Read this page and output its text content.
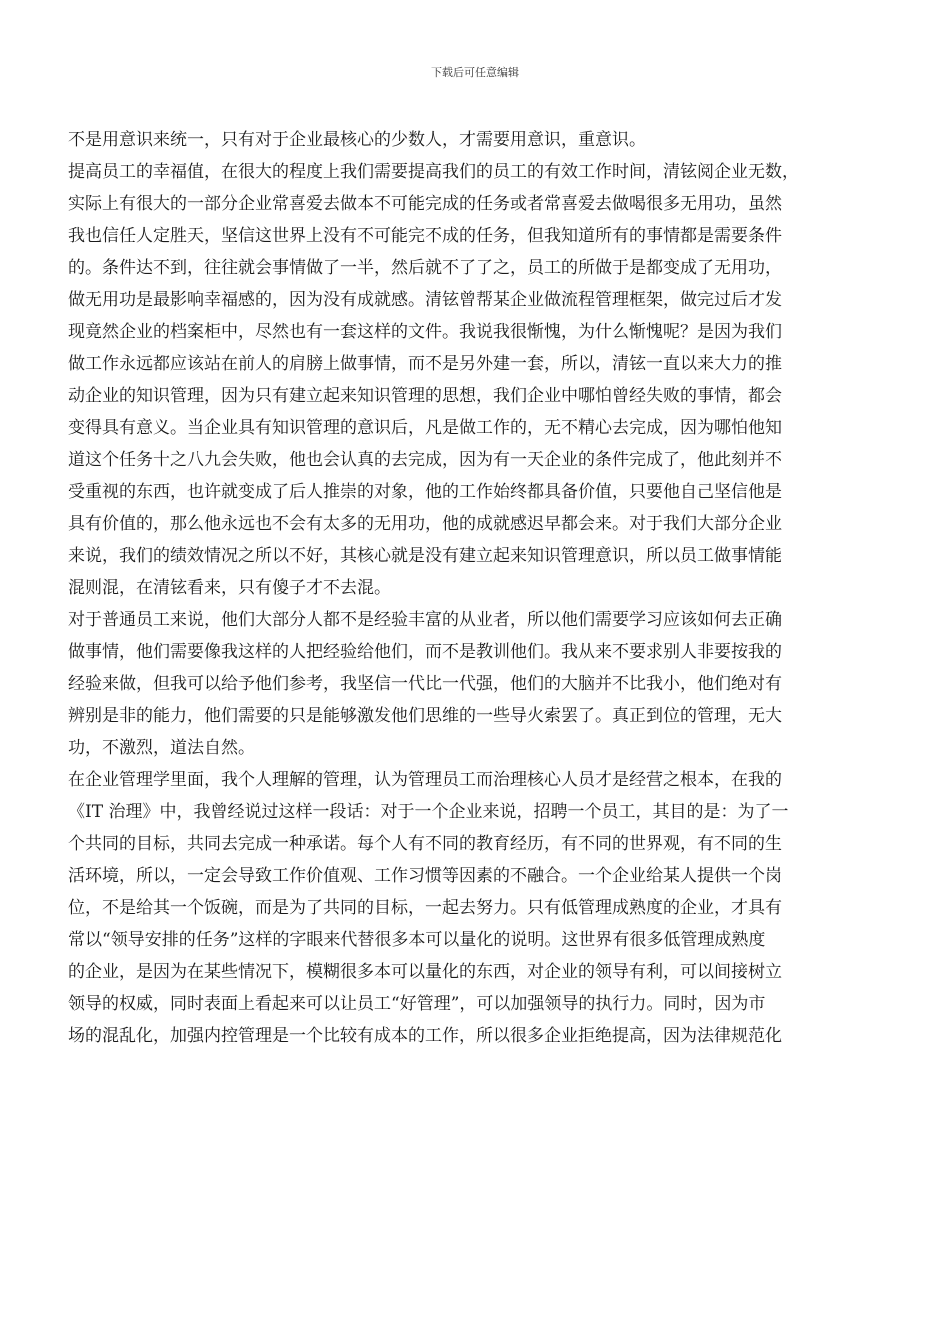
下载后可任意编辑
不是用意识来统一，只有对于企业最核心的少数人，才需要用意识，重意识。
提高员工的幸福值，在很大的程度上我们需要提高我们的员工的有效工作时间，清铉阅企业无数，
实际上有很大的一部分企业常喜爱去做本不可能完成的任务或者常喜爱去做喝很多无用功，虽然
我也信任人定胜天，坚信这世界上没有不可能完不成的任务，但我知道所有的事情都是需要条件
的。条件达不到，往往就会事情做了一半，然后就不了了之，员工的所做于是都变成了无用功，
做无用功是最影响幸福感的，因为没有成就感。清铉曾帮某企业做流程管理框架，做完过后才发
现竟然企业的档案柜中，尽然也有一套这样的文件。我说我很惭愧，为什么惭愧呢？是因为我们
做工作永远都应该站在前人的肩膀上做事情，而不是另外建一套，所以，清铉一直以来大力的推
动企业的知识管理，因为只有建立起来知识管理的思想，我们企业中哪怕曾经失败的事情，都会
变得具有意义。当企业具有知识管理的意识后，凡是做工作的，无不精心去完成，因为哪怕他知
道这个任务十之八九会失败，他也会认真的去完成，因为有一天企业的条件完成了，他此刻并不
受重视的东西，也许就变成了后人推崇的对象，他的工作始终都具备价值，只要他自己坚信他是
具有价值的，那么他永远也不会有太多的无用功，他的成就感迟早都会来。对于我们大部分企业
来说，我们的绩效情况之所以不好，其核心就是没有建立起来知识管理意识，所以员工做事情能
混则混，在清铉看来，只有傻子才不去混。
对于普通员工来说，他们大部分人都不是经验丰富的从业者，所以他们需要学习应该如何去正确
做事情，他们需要像我这样的人把经验给他们，而不是教训他们。我从来不要求别人非要按我的
经验来做，但我可以给予他们参考，我坚信一代比一代强，他们的大脑并不比我小，他们绝对有
辨别是非的能力，他们需要的只是能够激发他们思维的一些导火索罢了。真正到位的管理，无大
功，不激烈，道法自然。
在企业管理学里面，我个人理解的管理，认为管理员工而治理核心人员才是经营之根本，在我的
《IT 治理》中，我曾经说过这样一段话：对于一个企业来说，招聘一个员工，其目的是：为了一
个共同的目标，共同去完成一种承诺。每个人有不同的教育经历，有不同的世界观，有不同的生
活环境，所以，一定会导致工作价值观、工作习惯等因素的不融合。一个企业给某人提供一个岗
位，不是给其一个饭碗，而是为了共同的目标，一起去努力。只有低管理成熟度的企业，才具有
常以“领导安排的任务”这样的字眼来代替很多本可以量化的说明。这世界有很多低管理成熟度
的企业，是因为在某些情况下，模糊很多本可以量化的东西，对企业的领导有利，可以间接树立
领导的权威，同时表面上看起来可以让员工“好管理”，可以加强领导的执行力。同时，因为市
场的混乱化，加强内控管理是一个比较有成本的工作，所以很多企业拒绝提高，因为法律规范化
